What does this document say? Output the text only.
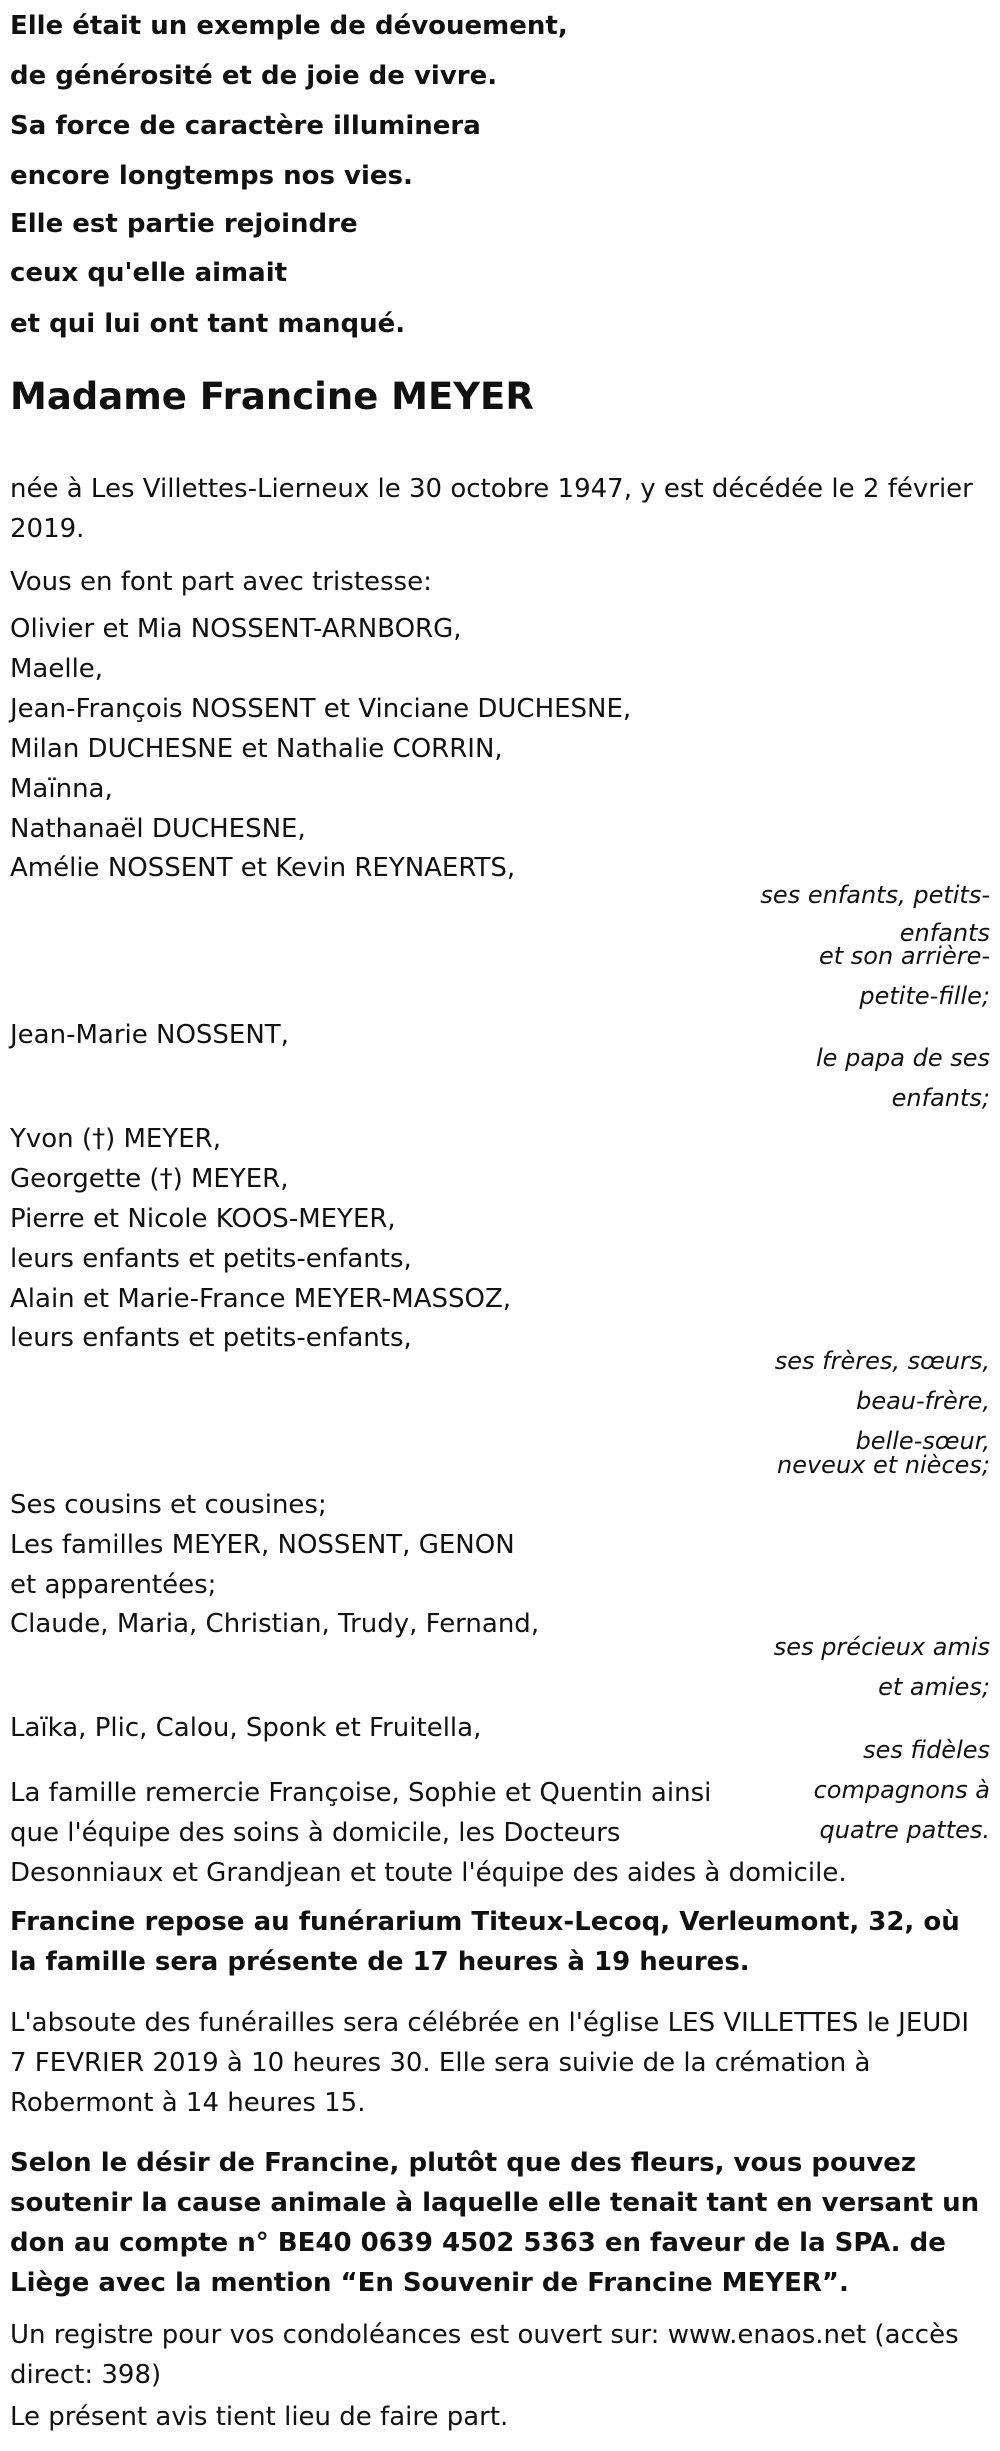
Elle était un exemple de dévouement,
de générosité et de joie de vivre.
Sa force de caractère illuminera
encore longtemps nos vies.
Elle est partie rejoindre
ceux qu'elle aimait
et qui lui ont tant manqué.
Madame Francine MEYER
née à Les Villettes-Lierneux le 30 octobre 1947, y est décédée le 2 février 2019.
Vous en font part avec tristesse:
Olivier et Mia NOSSENT-ARNBORG,
Maelle,
Jean-François NOSSENT et Vinciane DUCHESNE,
Milan DUCHESNE et Nathalie CORRIN,
Maïnna,
Nathanaël DUCHESNE,
Amélie NOSSENT et Kevin REYNAERTS,
ses enfants, petits-
enfants
et son arrière-
petite-fille;
Jean-Marie NOSSENT,
le papa de ses
enfants;
Yvon (†) MEYER,
Georgette (†) MEYER,
Pierre et Nicole KOOS-MEYER,
leurs enfants et petits-enfants,
Alain et Marie-France MEYER-MASSOZ,
leurs enfants et petits-enfants,
ses frères, sœurs,
beau-frère,
belle-sœur,
neveux et nièces;
Ses cousins et cousines;
Les familles MEYER, NOSSENT, GENON
et apparentées;
Claude, Maria, Christian, Trudy, Fernand,
ses précieux amis
et amies;
Laïka, Plic, Calou, Sponk et Fruitella,
ses fidèles
compagnons à
quatre pattes.
La famille remercie Françoise, Sophie et Quentin ainsi
que l'équipe des soins à domicile, les Docteurs
Desonniaux et Grandjean et toute l'équipe des aides à domicile.
Francine repose au funérarium Titeux-Lecoq, Verleumont, 32, où la famille sera présente de 17 heures à 19 heures.
L'absoute des funérailles sera célébrée en l'église LES VILLETTES le JEUDI 7 FEVRIER 2019 à 10 heures 30. Elle sera suivie de la crémation à Robermont à 14 heures 15.
Selon le désir de Francine, plutôt que des fleurs, vous pouvez soutenir la cause animale à laquelle elle tenait tant en versant un don au compte n° BE40 0639 4502 5363 en faveur de la SPA. de Liège avec la mention “En Souvenir de Francine MEYER”.
Un registre pour vos condoléances est ouvert sur: www.enaos.net (accès direct: 398)
Le présent avis tient lieu de faire part.
